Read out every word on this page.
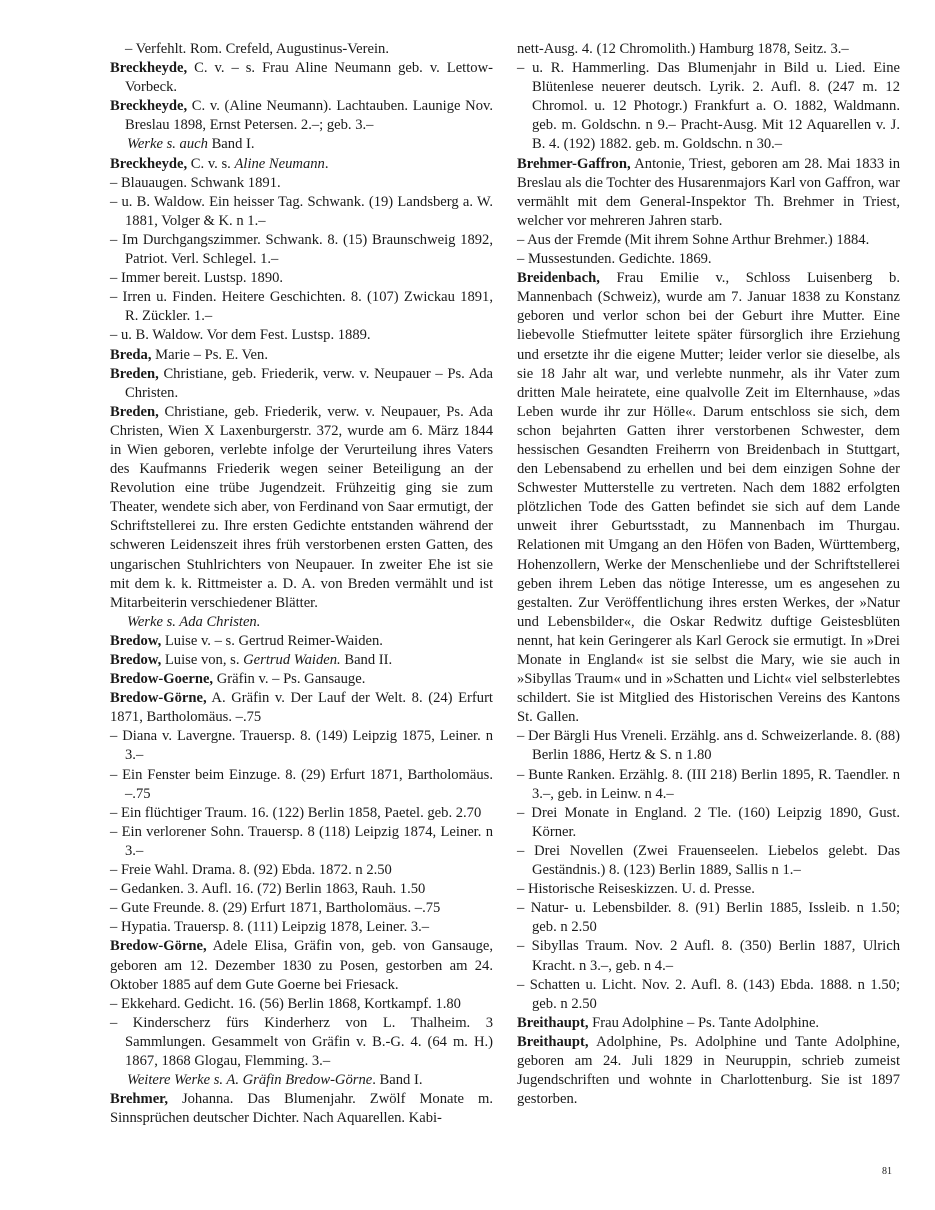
– Verfehlt. Rom. Crefeld, Augustinus-Verein.

Breckheyde, C. v. – s. Frau Aline Neumann geb. v. Lettow-Vorbeck.

Breckheyde, C. v. (Aline Neumann). Lachtauben. Launige Nov. Breslau 1898, Ernst Petersen. 2.–; geb. 3.–

Werke s. auch Band I.

Breckheyde, C. v. s. Aline Neumann.

– Blauaugen. Schwank 1891.

– u. B. Waldow. Ein heisser Tag. Schwank. (19) Landsberg a. W. 1881, Volger & K. n 1.–

– Im Durchgangszimmer. Schwank. 8. (15) Braunschweig 1892, Patriot. Verl. Schlegel. 1.–

– Immer bereit. Lustsp. 1890.

– Irren u. Finden. Heitere Geschichten. 8. (107) Zwickau 1891, R. Zückler. 1.–

– u. B. Waldow. Vor dem Fest. Lustsp. 1889.

Breda, Marie – Ps. E. Ven.

Breden, Christiane, geb. Friederik, verw. v. Neupauer – Ps. Ada Christen.

Breden, Christiane, geb. Friederik, verw. v. Neupauer, Ps. Ada Christen, Wien X Laxenburgerstr. 372, wurde am 6. März 1844 in Wien geboren, verlebte infolge der Verurteilung ihres Vaters des Kaufmanns Friederik wegen seiner Beteiligung an der Revolution eine trübe Jugendzeit. Frühzeitig ging sie zum Theater, wendete sich aber, von Ferdinand von Saar ermutigt, der Schriftstellerei zu. Ihre ersten Gedichte entstanden während der schweren Leidenszeit ihres früh verstorbenen ersten Gatten, des ungarischen Stuhlrichters von Neupauer. In zweiter Ehe ist sie mit dem k. k. Rittmeister a. D. A. von Breden vermählt und ist Mitarbeiterin verschiedener Blätter.

Werke s. Ada Christen.

Bredow, Luise v. – s. Gertrud Reimer-Waiden.

Bredow, Luise von, s. Gertrud Waiden. Band II.

Bredow-Goerne, Gräfin v. – Ps. Gansauge.

Bredow-Görne, A. Gräfin v. Der Lauf der Welt. 8. (24) Erfurt 1871, Bartholomäus. –.75

– Diana v. Lavergne. Trauersp. 8. (149) Leipzig 1875, Leiner. n 3.–

– Ein Fenster beim Einzuge. 8. (29) Erfurt 1871, Bartholomäus. –.75

– Ein flüchtiger Traum. 16. (122) Berlin 1858, Paetel. geb. 2.70

– Ein verlorener Sohn. Trauersp. 8 (118) Leipzig 1874, Leiner. n 3.–

– Freie Wahl. Drama. 8. (92) Ebda. 1872. n 2.50

– Gedanken. 3. Aufl. 16. (72) Berlin 1863, Rauh. 1.50

– Gute Freunde. 8. (29) Erfurt 1871, Bartholomäus. –.75

– Hypatia. Trauersp. 8. (111) Leipzig 1878, Leiner. 3.–

Bredow-Görne, Adele Elisa, Gräfin von, geb. von Gansauge, geboren am 12. Dezember 1830 zu Posen, gestorben am 24. Oktober 1885 auf dem Gute Goerne bei Friesack.

– Ekkehard. Gedicht. 16. (56) Berlin 1868, Kortkampf. 1.80

– Kinderscherz fürs Kinderherz von L. Thalheim. 3 Sammlungen. Gesammelt von Gräfin v. B.-G. 4. (64 m. H.) 1867, 1868 Glogau, Flemming. 3.–

Weitere Werke s. A. Gräfin Bredow-Görne. Band I.

Brehmer, Johanna. Das Blumenjahr. Zwölf Monate m. Sinnsprüchen deutscher Dichter. Nach Aquarellen. Kabi-

nett-Ausg. 4. (12 Chromolith.) Hamburg 1878, Seitz. 3.–

– u. R. Hammerling. Das Blumenjahr in Bild u. Lied. Eine Blütenlese neuerer deutsch. Lyrik. 2. Aufl. 8. (247 m. 12 Chromol. u. 12 Photogr.) Frankfurt a. O. 1882, Waldmann. geb. m. Goldschn. n 9.– Pracht-Ausg. Mit 12 Aquarellen v. J. B. 4. (192) 1882. geb. m. Goldschn. n 30.–

Brehmer-Gaffron, Antonie, Triest, geboren am 28. Mai 1833 in Breslau als die Tochter des Husarenmajors Karl von Gaffron, war vermählt mit dem General-Inspektor Th. Brehmer in Triest, welcher vor mehreren Jahren starb.

– Aus der Fremde (Mit ihrem Sohne Arthur Brehmer.) 1884.

– Mussestunden. Gedichte. 1869.

Breidenbach, Frau Emilie v., Schloss Luisenberg b. Mannenbach (Schweiz), wurde am 7. Januar 1838 zu Konstanz geboren und verlor schon bei der Geburt ihre Mutter. Eine liebevolle Stiefmutter leitete später fürsorglich ihre Erziehung und ersetzte ihr die eigene Mutter; leider verlor sie dieselbe, als sie 18 Jahr alt war, und verlebte nunmehr, als ihr Vater zum dritten Male heiratete, eine qualvolle Zeit im Elternhause, »das Leben wurde ihr zur Hölle«. Darum entschloss sie sich, dem schon bejahrten Gatten ihrer verstorbenen Schwester, dem hessischen Gesandten Freiherrn von Breidenbach in Stuttgart, den Lebensabend zu erhellen und bei dem einzigen Sohne der Schwester Mutterstelle zu vertreten. Nach dem 1882 erfolgten plötzlichen Tode des Gatten befindet sie sich auf dem Lande unweit ihrer Geburtsstadt, zu Mannenbach im Thurgau. Relationen mit Umgang an den Höfen von Baden, Württemberg, Hohenzollern, Werke der Menschenliebe und der Schriftstellerei geben ihrem Leben das nötige Interesse, um es angesehen zu gestalten. Zur Veröffentlichung ihres ersten Werkes, der »Natur und Lebensbilder«, die Oskar Redwitz duftige Geistesblüten nennt, hat kein Geringerer als Karl Gerock sie ermutigt. In »Drei Monate in England« ist sie selbst die Mary, wie sie auch in »Sibyllas Traum« und in »Schatten und Licht« viel selbsterlebtes schildert. Sie ist Mitglied des Historischen Vereins des Kantons St. Gallen.

– Der Bärgli Hus Vreneli. Erzählg. ans d. Schweizerlande. 8. (88) Berlin 1886, Hertz & S. n 1.80

– Bunte Ranken. Erzählg. 8. (III 218) Berlin 1895, R. Taendler. n 3.–, geb. in Leinw. n 4.–

– Drei Monate in England. 2 Tle. (160) Leipzig 1890, Gust. Körner.

– Drei Novellen (Zwei Frauenseelen. Liebelos gelebt. Das Geständnis.) 8. (123) Berlin 1889, Sallis n 1.–

– Historische Reiseskizzen. U. d. Presse.

– Natur- u. Lebensbilder. 8. (91) Berlin 1885, Issleib. n 1.50; geb. n 2.50

– Sibyllas Traum. Nov. 2 Aufl. 8. (350) Berlin 1887, Ulrich Kracht. n 3.–, geb. n 4.–

– Schatten u. Licht. Nov. 2. Aufl. 8. (143) Ebda. 1888. n 1.50; geb. n 2.50

Breithaupt, Frau Adolphine – Ps. Tante Adolphine.

Breithaupt, Adolphine, Ps. Adolphine und Tante Adolphine, geboren am 24. Juli 1829 in Neuruppin, schrieb zumeist Jugendschriften und wohnte in Charlottenburg. Sie ist 1897 gestorben.

81
